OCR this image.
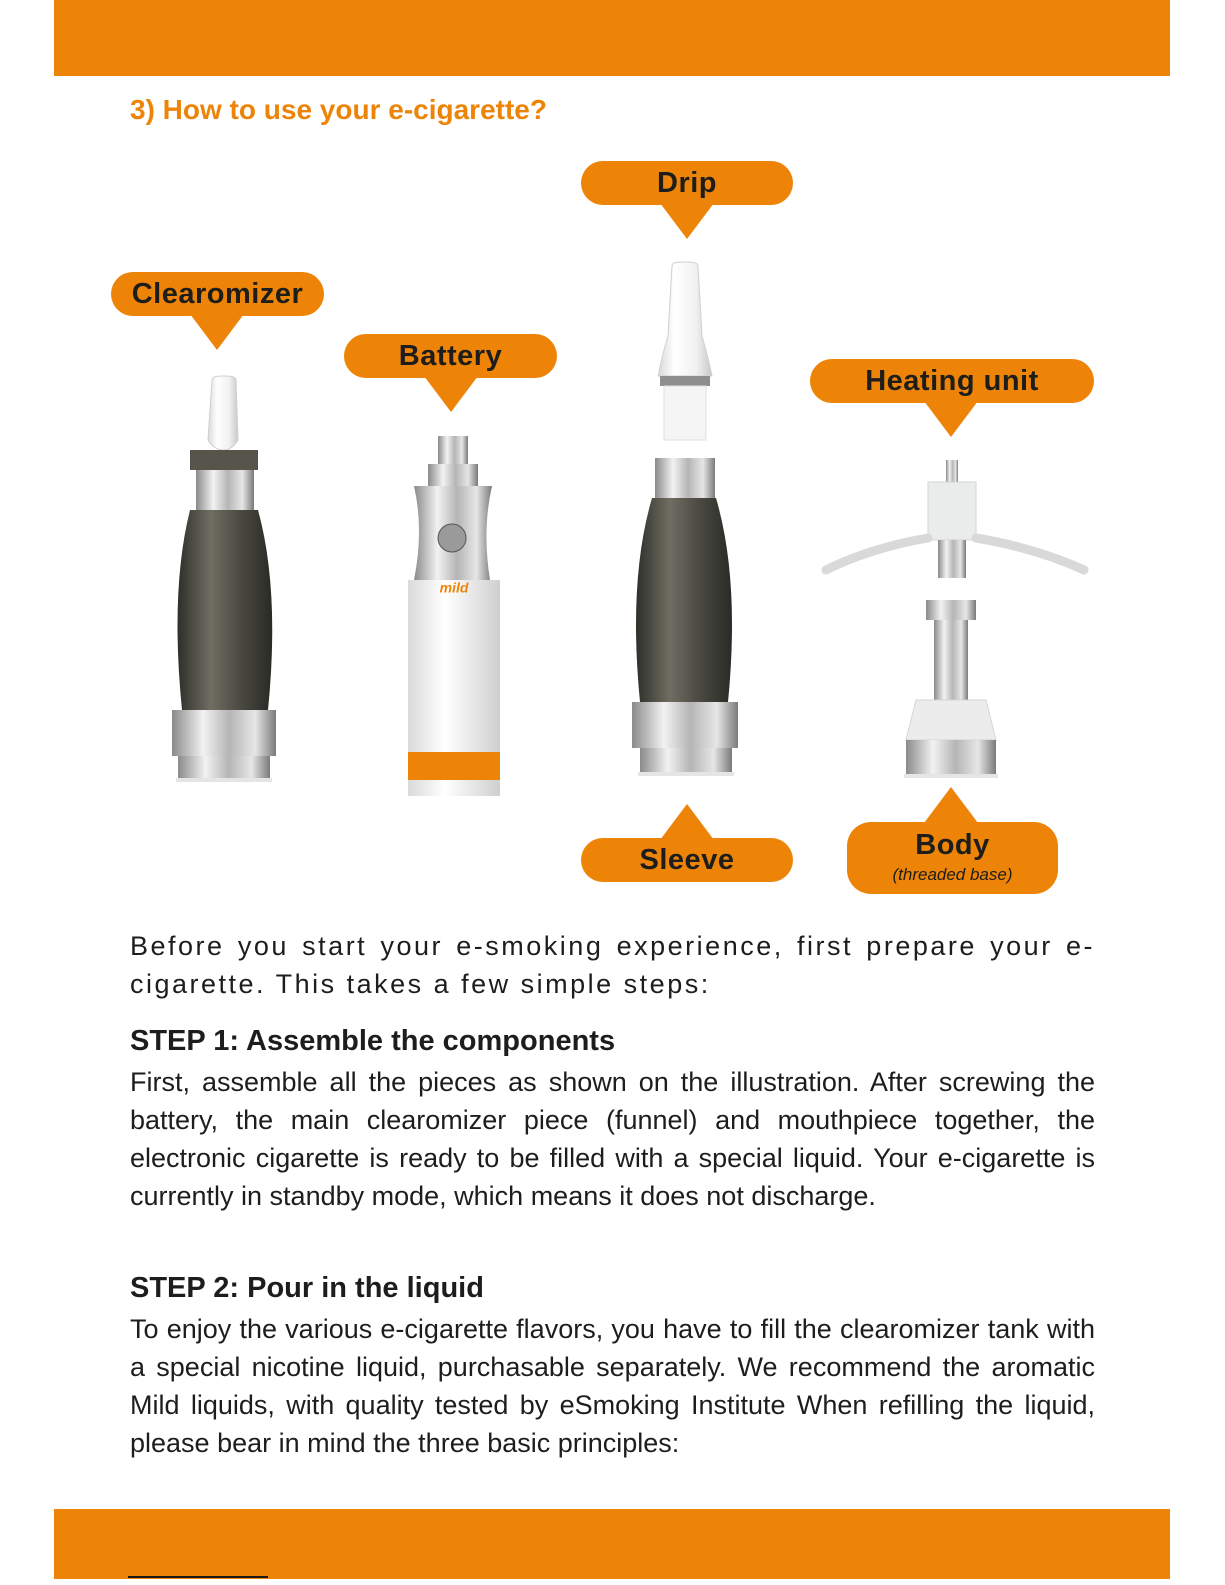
3) How to use your e-cigarette?
mild
Drip
Clearomizer
Battery
Heating unit
Sleeve	Body
(threaded base)

Before you start your e-smoking experience, first prepare your e-cigarette. This takes a few simple steps:

STEP 1: Assemble the components

First, assemble all the pieces as shown on the illustration. After screwing the battery, the main clearomizer piece (funnel) and mouthpiece together, the electronic cigarette is ready to be filled with a special liquid. Your e-cigarette is currently in standby mode, which means it does not discharge.

STEP 2: Pour in the liquid

To enjoy the various e-cigarette flavors, you have to fill the clearomizer tank with a special nicotine liquid, purchasable separately. We recommend the aromatic Mild liquids, with quality tested by eSmoking Institute When refilling the liquid, please bear in mind the three basic principles:
